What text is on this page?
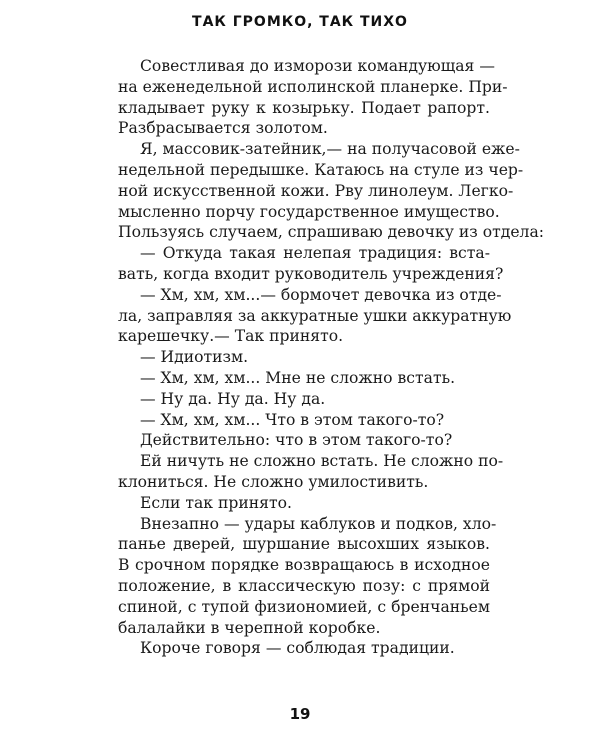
ТАК ГРОМКО, ТАК ТИХО
Совестливая до изморози командующая —
на еженедельной исполинской планерке. При-
кладывает руку к козырьку. Подает рапорт.
Разбрасывается золотом.
Я, массовик-затейник,— на получасовой еже-
недельной передышке. Катаюсь на стуле из чер-
ной искусственной кожи. Рву линолеум. Легко-
мысленно порчу государственное имущество.
Пользуясь случаем, спрашиваю девочку из отдела:
— Откуда такая нелепая традиция: вста-
вать, когда входит руководитель учреждения?
— Хм, хм, хм...— бормочет девочка из отде-
ла, заправляя за аккуратные ушки аккуратную
карешечку.— Так принято.
— Идиотизм.
— Хм, хм, хм... Мне не сложно встать.
— Ну да. Ну да. Ну да.
— Хм, хм, хм... Что в этом такого-то?
Действительно: что в этом такого-то?
Ей ничуть не сложно встать. Не сложно по-
клониться. Не сложно умилостивить.
Если так принято.
Внезапно — удары каблуков и подков, хло-
панье дверей, шуршание высохших языков.
В срочном порядке возвращаюсь в исходное
положение, в классическую позу: с прямой
спиной, с тупой физиономией, с бренчаньем
балалайки в черепной коробке.
Короче говоря — соблюдая традиции.
19
